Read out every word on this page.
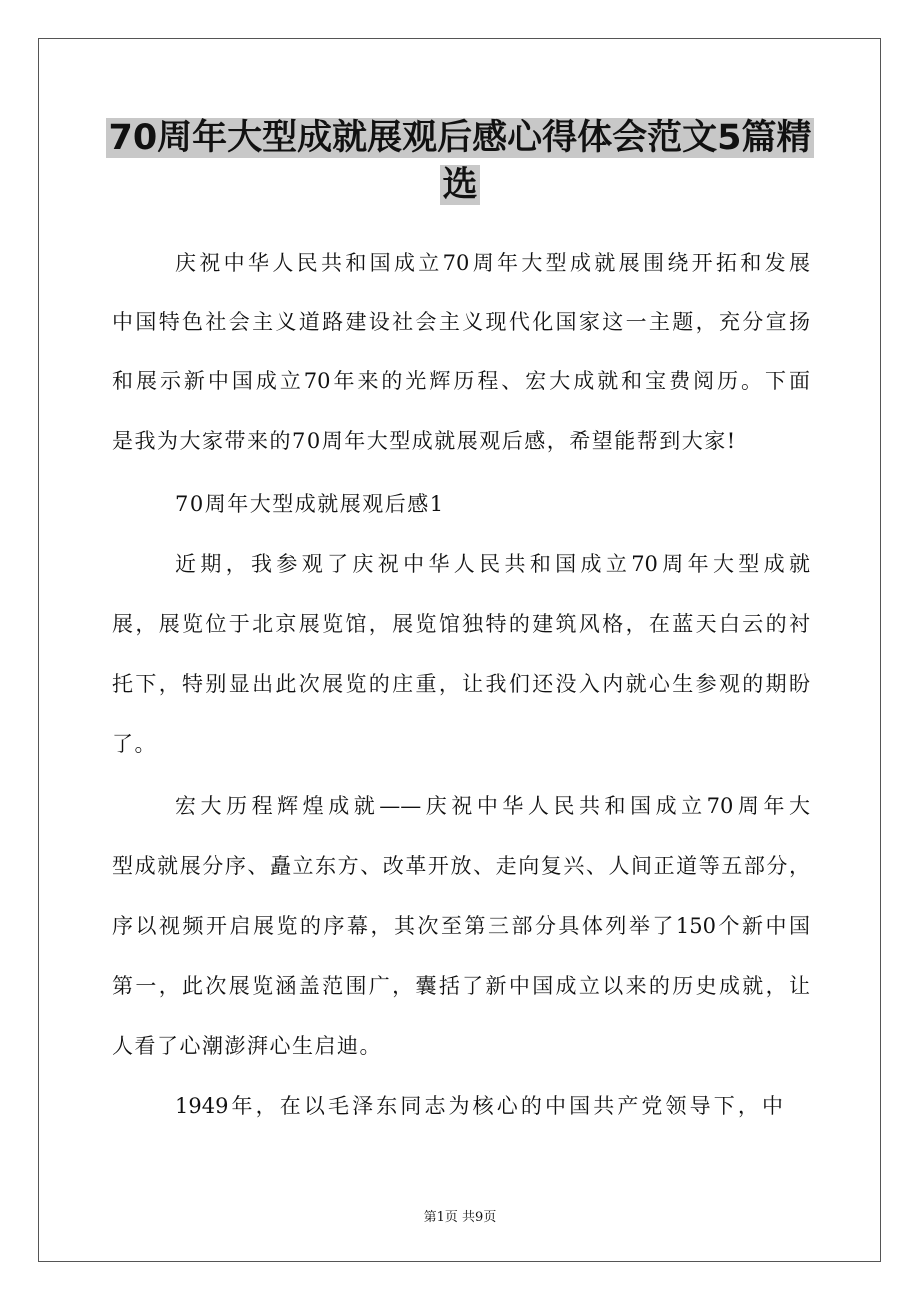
70周年大型成就展观后感心得体会范文5篇精
选
庆祝中华人民共和国成立70周年大型成就展围绕开拓和发展
中国特色社会主义道路建设社会主义现代化国家这一主题，充分宣扬
和展示新中国成立70年来的光辉历程、宏大成就和宝费阅历。下面
是我为大家带来的70周年大型成就展观后感，希望能帮到大家!
70周年大型成就展观后感1
近期，我参观了庆祝中华人民共和国成立70周年大型成就
展，展览位于北京展览馆，展览馆独特的建筑风格，在蓝天白云的衬
托下，特别显出此次展览的庄重，让我们还没入内就心生参观的期盼
了。
宏大历程辉煌成就——庆祝中华人民共和国成立70周年大
型成就展分序、矗立东方、改革开放、走向复兴、人间正道等五部分，
序以视频开启展览的序幕，其次至第三部分具体列举了150个新中国
第一，此次展览涵盖范围广，囊括了新中国成立以来的历史成就，让
人看了心潮澎湃心生启迪。
1949年，在以毛泽东同志为核心的中国共产党领导下，中
第1页 共9页
